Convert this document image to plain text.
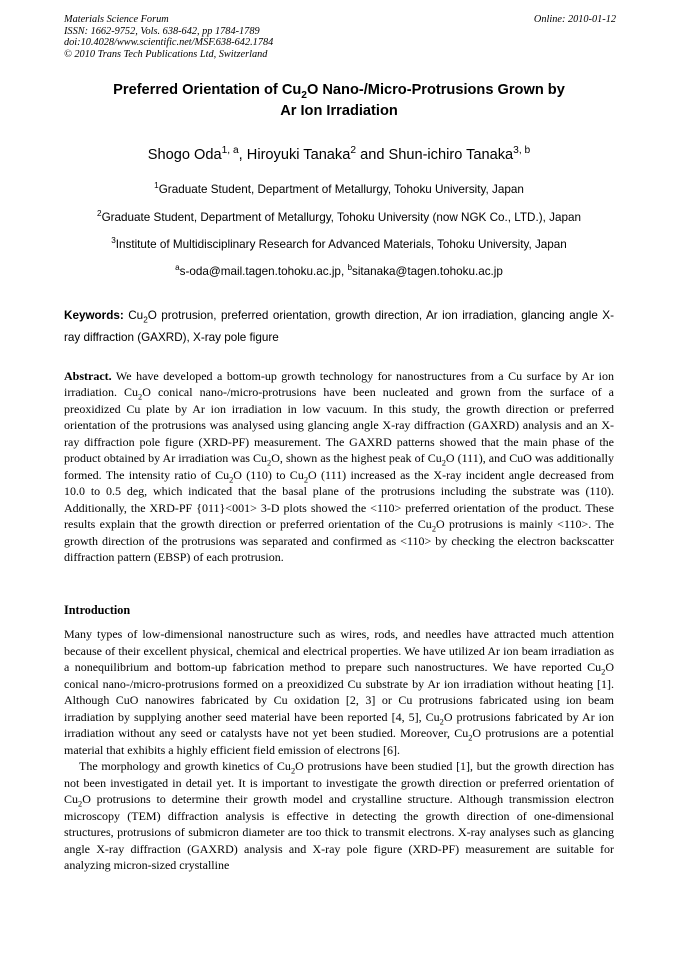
Materials Science Forum
ISSN: 1662-9752, Vols. 638-642, pp 1784-1789
doi:10.4028/www.scientific.net/MSF.638-642.1784
© 2010 Trans Tech Publications Ltd, Switzerland
Online: 2010-01-12
Preferred Orientation of $Cu_2O$ Nano-/Micro-Protrusions Grown by
Ar Ion Irradiation
Shogo Oda$^{1, a}$, Hiroyuki Tanaka$^2$ and Shun-ichiro Tanaka$^{3, b}$
$^1$Graduate Student, Department of Metallurgy, Tohoku University, Japan
$^2$Graduate Student, Department of Metallurgy, Tohoku University (now NGK Co., LTD.), Japan
$^3$Institute of Multidisciplinary Research for Advanced Materials, Tohoku University, Japan
$^a$s-oda@mail.tagen.tohoku.ac.jp, $^b$sitanaka@tagen.tohoku.ac.jp
Keywords: $Cu_2O$ protrusion, preferred orientation, growth direction, Ar ion irradiation, glancing angle X-ray diffraction (GAXRD), X-ray pole figure

Abstract. We have developed a bottom-up growth technology for nanostructures from a Cu surface by Ar ion irradiation. $Cu_2O$ conical nano-/micro-protrusions have been nucleated and grown from the surface of a preoxidized Cu plate by Ar ion irradiation in low vacuum. In this study, the growth direction or preferred orientation of the protrusions was analysed using glancing angle X-ray diffraction (GAXRD) analysis and an X-ray diffraction pole figure (XRD-PF) measurement. The GAXRD patterns showed that the main phase of the product obtained by Ar irradiation was $Cu_2O$, shown as the highest peak of $Cu_2O$ (111), and CuO was additionally formed. The intensity ratio of $Cu_2O$ (110) to $Cu_2O$ (111) increased as the X-ray incident angle decreased from 10.0 to 0.5 deg, which indicated that the basal plane of the protrusions including the substrate was (110). Additionally, the XRD-PF {011}<001> 3-D plots showed the <110> preferred orientation of the product. These results explain that the growth direction or preferred orientation of the $Cu_2O$ protrusions is mainly <110>. The growth direction of the protrusions was separated and confirmed as <110> by checking the electron backscatter diffraction pattern (EBSP) of each protrusion.

Introduction

Many types of low-dimensional nanostructure such as wires, rods, and needles have attracted much attention because of their excellent physical, chemical and electrical properties. We have utilized Ar ion beam irradiation as a nonequilibrium and bottom-up fabrication method to prepare such nanostructures. We have reported $Cu_2O$ conical nano-/micro-protrusions formed on a preoxidized Cu substrate by Ar ion irradiation without heating [1]. Although CuO nanowires fabricated by Cu oxidation [2, 3] or Cu protrusions fabricated using ion beam irradiation by supplying another seed material have been reported [4, 5], $Cu_2O$ protrusions fabricated by Ar ion irradiation without any seed or catalysts have not yet been studied. Moreover, $Cu_2O$ protrusions are a potential material that exhibits a highly efficient field emission of electrons [6].

The morphology and growth kinetics of $Cu_2O$ protrusions have been studied [1], but the growth direction has not been investigated in detail yet. It is important to investigate the growth direction or preferred orientation of $Cu_2O$ protrusions to determine their growth model and crystalline structure. Although transmission electron microscopy (TEM) diffraction analysis is effective in detecting the growth direction of one-dimensional structures, protrusions of submicron diameter are too thick to transmit electrons. X-ray analyses such as glancing angle X-ray diffraction (GAXRD) analysis and X-ray pole figure (XRD-PF) measurement are suitable for analyzing micron-sized crystalline
